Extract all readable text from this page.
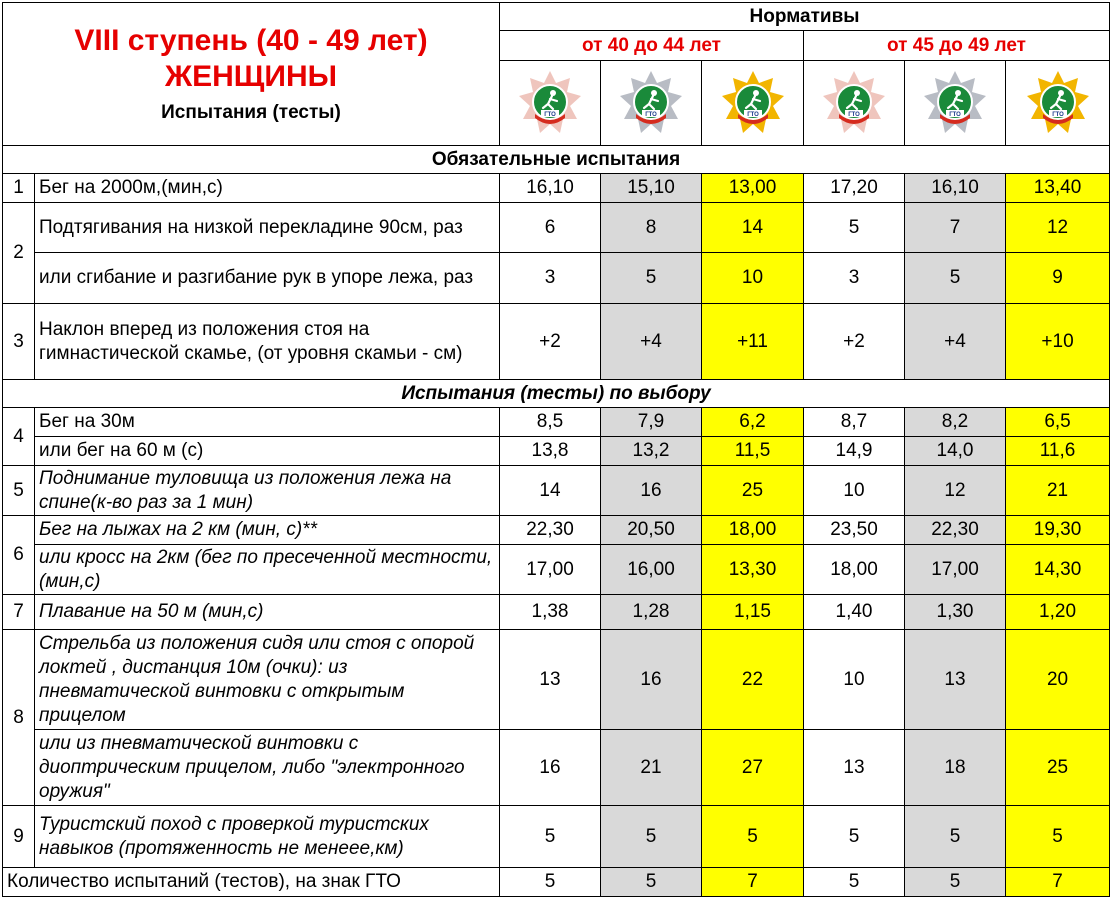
VIII ступень (40 - 49 лет)
ЖЕНЩИНЫ
Испытания (тесты)		Нормативы					
		от 40 до 44 лет			от 45 до 49 лет		

Обязательные испытания							
1	Бег на 2000м,(мин,с)	16,10	15,10	13,00	17,20	16,10	13,40
2	Подтягивания на низкой перекладине 90см, раз	6	8	14	5	7	12
	или сгибание и разгибание рук в упоре лежа, раз	3	5	10	3	5	9
3	Наклон вперед из положения стоя на гимнастической скамье, (от уровня скамьи - см)	+2	+4	+11	+2	+4	+10
Испытания (тесты) по выбору							
4	Бег на 30м	8,5	7,9	6,2	8,7	8,2	6,5
	или бег на 60 м (с)	13,8	13,2	11,5	14,9	14,0	11,6
5	Поднимание туловища из положения лежа на спине(к-во раз за 1 мин)	14	16	25	10	12	21
6	Бег на лыжах на 2 км (мин, с)**	22,30	20,50	18,00	23,50	22,30	19,30
	или кросс на 2км (бег по пресеченной местности, (мин,с)	17,00	16,00	13,30	18,00	17,00	14,30
7	Плавание на 50 м (мин,с)	1,38	1,28	1,15	1,40	1,30	1,20
8	Стрельба из положения сидя или стоя с опорой локтей , дистанция 10м (очки): из пневматической винтовки с открытым прицелом	13	16	22	10	13	20
	или из пневматической винтовки с диоптрическим прицелом, либо "электронного оружия"	16	21	27	13	18	25
9	Туристский поход с проверкой туристских навыков (протяженность не менеее,км)	5	5	5	5	5	5
Количество испытаний (тестов), на знак ГТО		5	5	7	5	5	7
